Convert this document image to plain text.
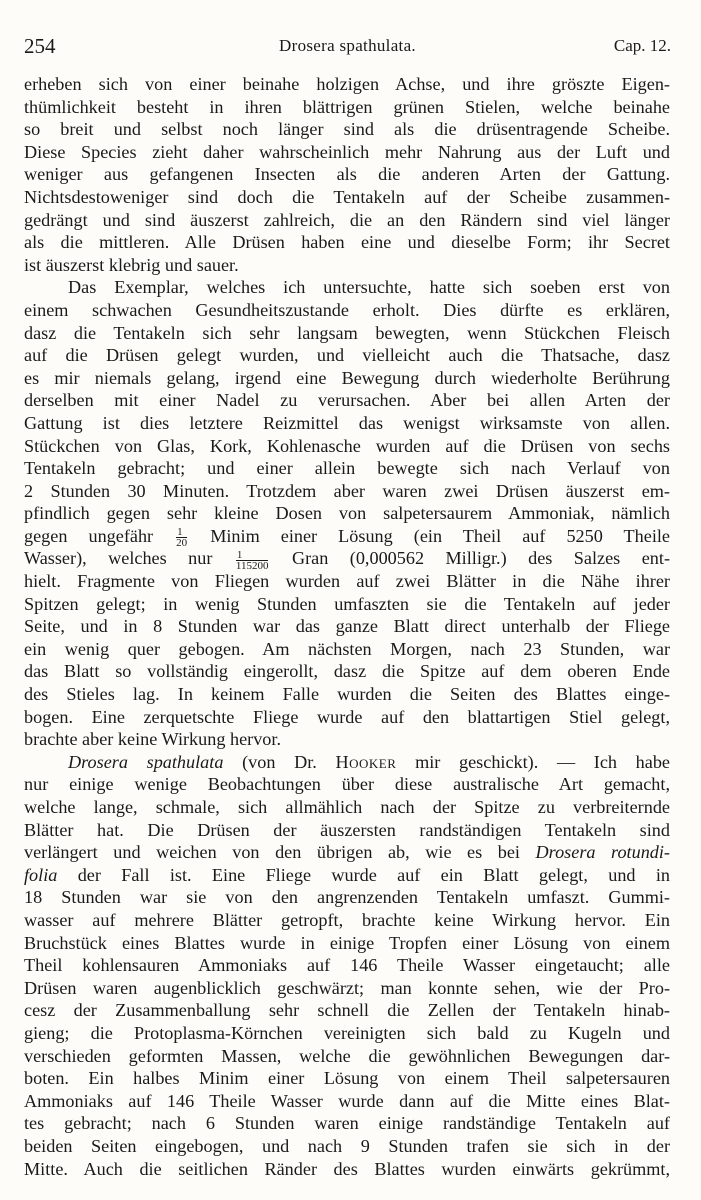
254	Drosera spathulata.	Cap. 12.
erheben sich von einer beinahe holzigen Achse, und ihre gröszte Eigen-
thümlichkeit besteht in ihren blättrigen grünen Stielen, welche beinahe
so breit und selbst noch länger sind als die drüsentragende Scheibe.
Diese Species zieht daher wahrscheinlich mehr Nahrung aus der Luft und
weniger aus gefangenen Insecten als die anderen Arten der Gattung.
Nichtsdestoweniger sind doch die Tentakeln auf der Scheibe zusammen-
gedrängt und sind äuszerst zahlreich, die an den Rändern sind viel länger
als die mittleren. Alle Drüsen haben eine und dieselbe Form; ihr Secret
ist äuszerst klebrig und sauer.
Das Exemplar, welches ich untersuchte, hatte sich soeben erst von
einem schwachen Gesundheitszustande erholt. Dies dürfte es erklären,
dasz die Tentakeln sich sehr langsam bewegten, wenn Stückchen Fleisch
auf die Drüsen gelegt wurden, und vielleicht auch die Thatsache, dasz
es mir niemals gelang, irgend eine Bewegung durch wiederholte Berührung
derselben mit einer Nadel zu verursachen. Aber bei allen Arten der
Gattung ist dies letztere Reizmittel das wenigst wirksamste von allen.
Stückchen von Glas, Kork, Kohlenasche wurden auf die Drüsen von sechs
Tentakeln gebracht; und einer allein bewegte sich nach Verlauf von
2 Stunden 30 Minuten. Trotzdem aber waren zwei Drüsen äuszerst em-
pfindlich gegen sehr kleine Dosen von salpetersaurem Ammoniak, nämlich
gegen ungefähr $\frac{1}{20}$ Minim einer Lösung (ein Theil auf 5250 Theile
Wasser), welches nur $\frac{1}{115200}$ Gran (0,000562 Milligr.) des Salzes ent-
hielt. Fragmente von Fliegen wurden auf zwei Blätter in die Nähe ihrer
Spitzen gelegt; in wenig Stunden umfaszten sie die Tentakeln auf jeder
Seite, und in 8 Stunden war das ganze Blatt direct unterhalb der Fliege
ein wenig quer gebogen. Am nächsten Morgen, nach 23 Stunden, war
das Blatt so vollständig eingerollt, dasz die Spitze auf dem oberen Ende
des Stieles lag. In keinem Falle wurden die Seiten des Blattes einge-
bogen. Eine zerquetschte Fliege wurde auf den blattartigen Stiel gelegt,
brachte aber keine Wirkung hervor.
Drosera spathulata (von Dr. Hooker mir geschickt). — Ich habe
nur einige wenige Beobachtungen über diese australische Art gemacht,
welche lange, schmale, sich allmählich nach der Spitze zu verbreiternde
Blätter hat. Die Drüsen der äuszersten randständigen Tentakeln sind
verlängert und weichen von den übrigen ab, wie es bei Drosera rotundi-
folia der Fall ist. Eine Fliege wurde auf ein Blatt gelegt, und in
18 Stunden war sie von den angrenzenden Tentakeln umfaszt. Gummi-
wasser auf mehrere Blätter getropft, brachte keine Wirkung hervor. Ein
Bruchstück eines Blattes wurde in einige Tropfen einer Lösung von einem
Theil kohlensauren Ammoniaks auf 146 Theile Wasser eingetaucht; alle
Drüsen waren augenblicklich geschwärzt; man konnte sehen, wie der Pro-
cesz der Zusammenballung sehr schnell die Zellen der Tentakeln hinab-
gieng; die Protoplasma-Körnchen vereinigten sich bald zu Kugeln und
verschieden geformten Massen, welche die gewöhnlichen Bewegungen dar-
boten. Ein halbes Minim einer Lösung von einem Theil salpetersauren
Ammoniaks auf 146 Theile Wasser wurde dann auf die Mitte eines Blat-
tes gebracht; nach 6 Stunden waren einige randständige Tentakeln auf
beiden Seiten eingebogen, und nach 9 Stunden trafen sie sich in der
Mitte. Auch die seitlichen Ränder des Blattes wurden einwärts gekrümmt,
